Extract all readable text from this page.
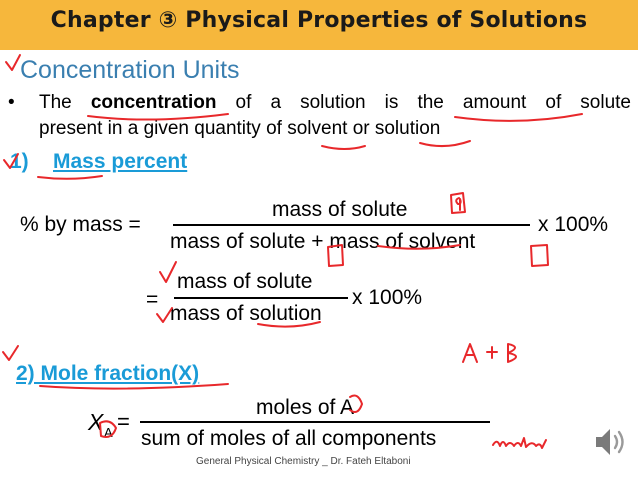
Chapter ③ Physical Properties of Solutions
Concentration Units
• The concentration of a solution is the amount of solute
present in a given quantity of solvent or solution
1) Mass percent
% by mass =
mass of solute
mass of solute + mass of solvent
x 100%
=
mass of solute
mass of solution
x 100%
2) Mole fraction(X)
X A =
moles of A
sum of moles of all components
General Physical Chemistry _ Dr. Fateh Eltaboni
